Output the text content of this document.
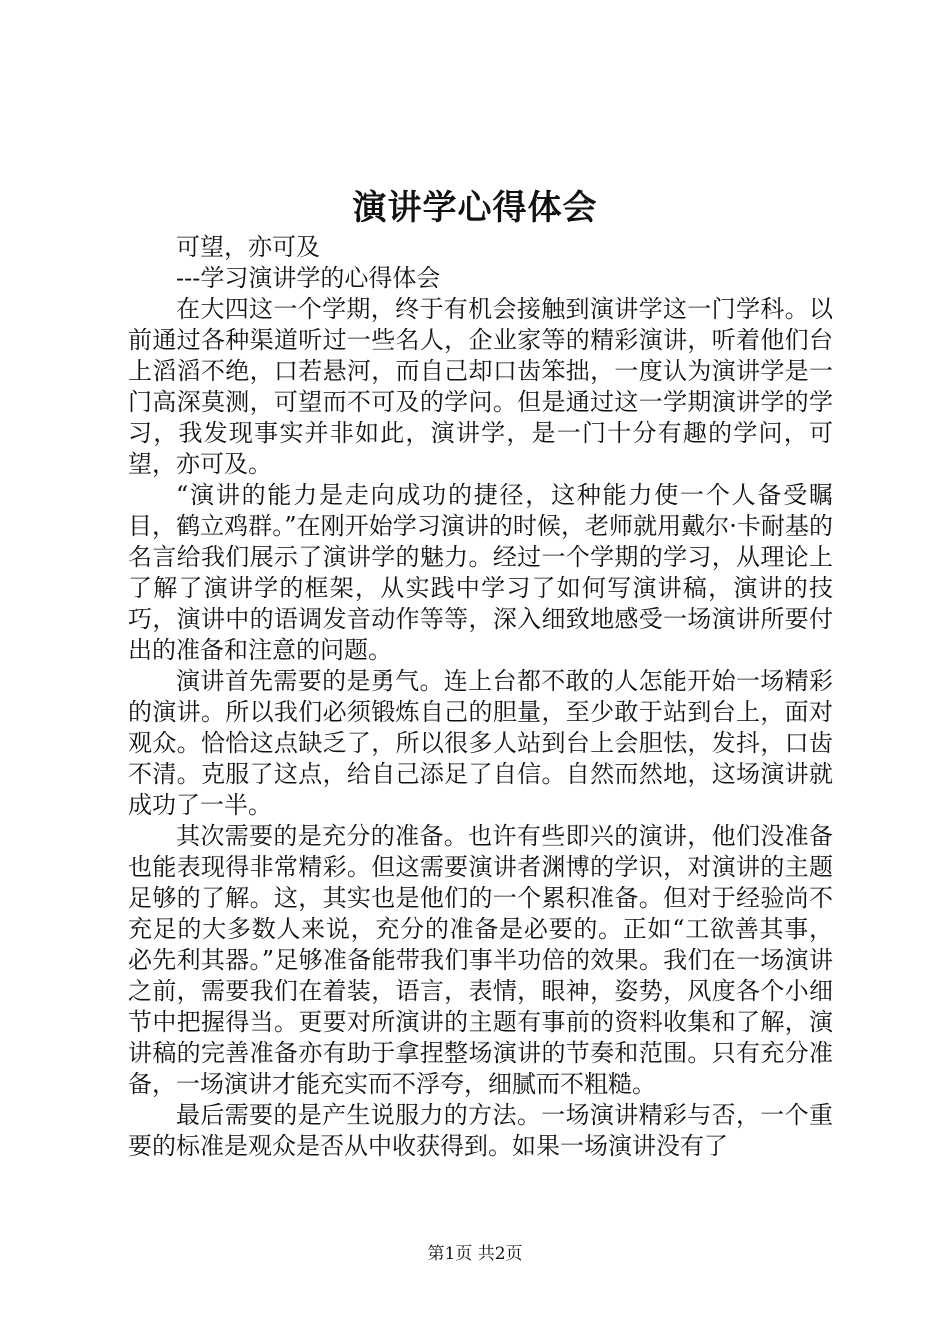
演讲学心得体会

可望，亦可及

---学习演讲学的心得体会

在大四这一个学期，终于有机会接触到演讲学这一门学科。以前通过各种渠道听过一些名人，企业家等的精彩演讲，听着他们台上滔滔不绝，口若悬河，而自己却口齿笨拙，一度认为演讲学是一门高深莫测，可望而不可及的学问。但是通过这一学期演讲学的学习，我发现事实并非如此，演讲学，是一门十分有趣的学问，可望，亦可及。

“演讲的能力是走向成功的捷径，这种能力使一个人备受瞩目，鹤立鸡群。”在刚开始学习演讲的时候，老师就用戴尔·卡耐基的名言给我们展示了演讲学的魅力。经过一个学期的学习，从理论上了解了演讲学的框架，从实践中学习了如何写演讲稿，演讲的技巧，演讲中的语调发音动作等等，深入细致地感受一场演讲所要付出的准备和注意的问题。

演讲首先需要的是勇气。连上台都不敢的人怎能开始一场精彩的演讲。所以我们必须锻炼自己的胆量，至少敢于站到台上，面对观众。恰恰这点缺乏了，所以很多人站到台上会胆怯，发抖，口齿不清。克服了这点，给自己添足了自信。自然而然地，这场演讲就成功了一半。

其次需要的是充分的准备。也许有些即兴的演讲，他们没准备也能表现得非常精彩。但这需要演讲者渊博的学识，对演讲的主题足够的了解。这，其实也是他们的一个累积准备。但对于经验尚不充足的大多数人来说，充分的准备是必要的。正如“工欲善其事，必先利其器。”足够准备能带我们事半功倍的效果。我们在一场演讲之前，需要我们在着装，语言，表情，眼神，姿势，风度各个小细节中把握得当。更要对所演讲的主题有事前的资料收集和了解，演讲稿的完善准备亦有助于拿捏整场演讲的节奏和范围。只有充分准备，一场演讲才能充实而不浮夸，细腻而不粗糙。

最后需要的是产生说服力的方法。一场演讲精彩与否，一个重要的标准是观众是否从中收获得到。如果一场演讲没有了

第1页 共2页
